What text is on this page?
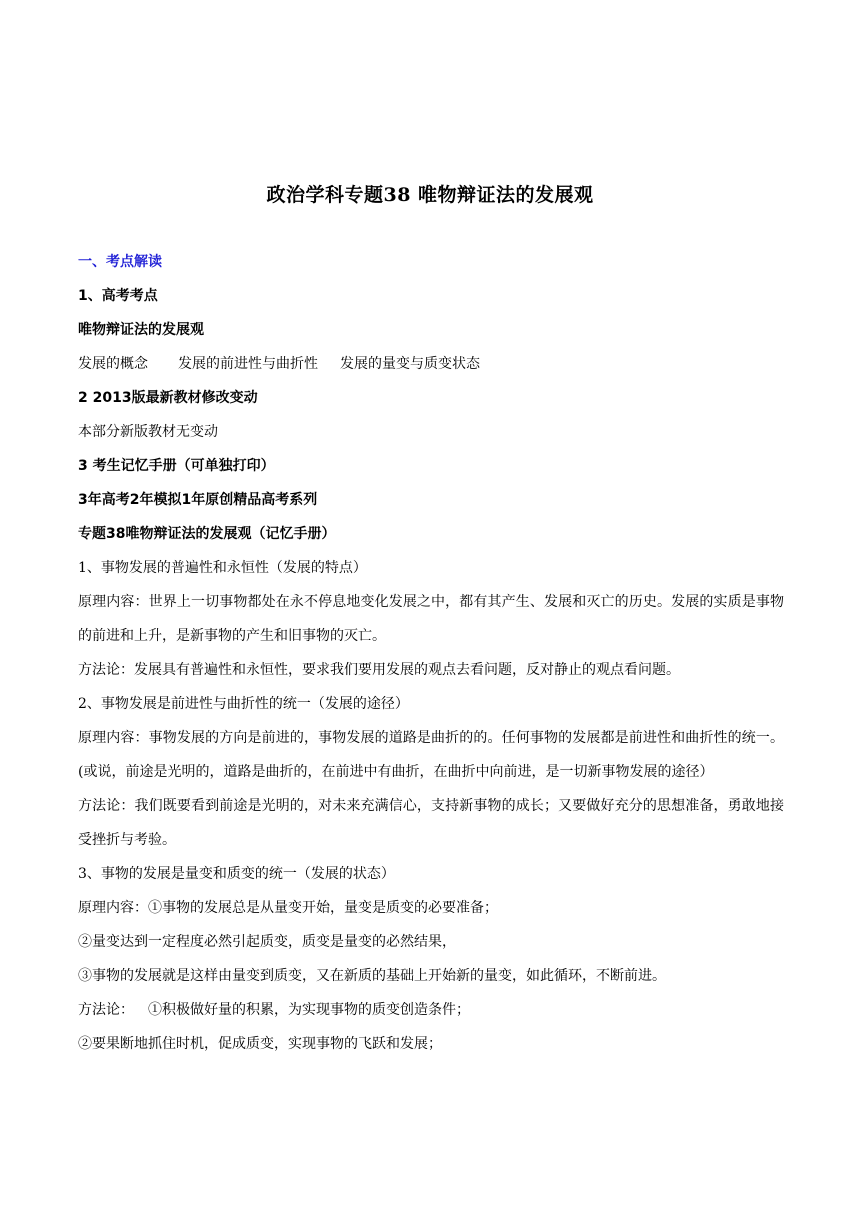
政治学科专题38 唯物辩证法的发展观

一、考点解读

1、高考考点

唯物辩证法的发展观

发展的概念 发展的前进性与曲折性 发展的量变与质变状态

2 2013版最新教材修改变动

本部分新版教材无变动

3 考生记忆手册（可单独打印）

3年高考2年模拟1年原创精品高考系列

专题38唯物辩证法的发展观（记忆手册）

1、事物发展的普遍性和永恒性（发展的特点）

原理内容：世界上一切事物都处在永不停息地变化发展之中，都有其产生、发展和灭亡的历史。发展的实质是事物的前进和上升，是新事物的产生和旧事物的灭亡。

方法论：发展具有普遍性和永恒性，要求我们要用发展的观点去看问题，反对静止的观点看问题。

2、事物发展是前进性与曲折性的统一（发展的途径）

原理内容：事物发展的方向是前进的，事物发展的道路是曲折的的。任何事物的发展都是前进性和曲折性的统一。(或说，前途是光明的，道路是曲折的，在前进中有曲折，在曲折中向前进，是一切新事物发展的途径）

方法论：我们既要看到前途是光明的，对未来充满信心，支持新事物的成长；又要做好充分的思想准备，勇敢地接受挫折与考验。

3、事物的发展是量变和质变的统一（发展的状态）

原理内容：①事物的发展总是从量变开始，量变是质变的必要准备；

②量变达到一定程度必然引起质变，质变是量变的必然结果，

③事物的发展就是这样由量变到质变，又在新质的基础上开始新的量变，如此循环，不断前进。

方法论： ①积极做好量的积累，为实现事物的质变创造条件；

②要果断地抓住时机，促成质变，实现事物的飞跃和发展；
